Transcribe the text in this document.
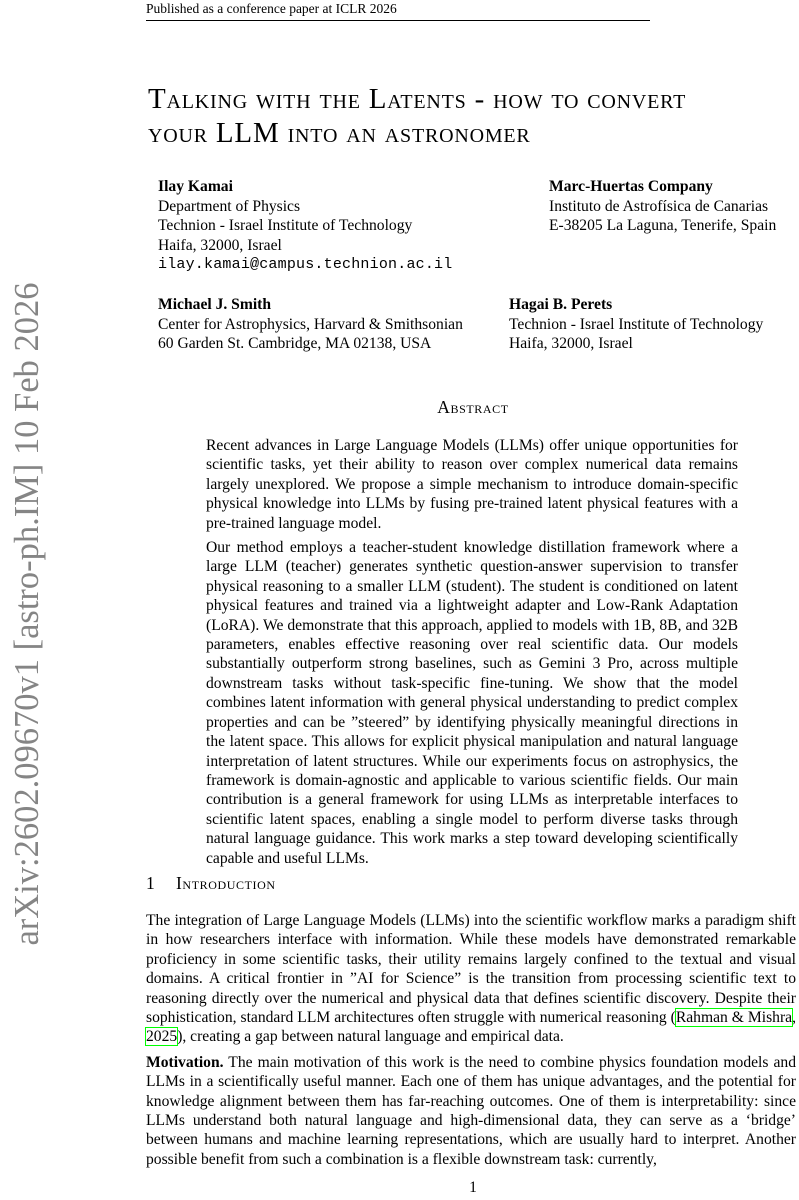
Published as a conference paper at ICLR 2026
arXiv:2602.09670v1 [astro-ph.IM] 10 Feb 2026
Talking with the Latents - how to convert
your LLM into an astronomer
Ilay Kamai
Department of Physics
Technion - Israel Institute of Technology
Haifa, 32000, Israel
ilay.kamai@campus.technion.ac.il
Marc-Huertas Company
Instituto de Astrofísica de Canarias
E-38205 La Laguna, Tenerife, Spain
Michael J. Smith
Center for Astrophysics, Harvard & Smithsonian
60 Garden St. Cambridge, MA 02138, USA
Hagai B. Perets
Technion - Israel Institute of Technology
Haifa, 32000, Israel
Abstract

Recent advances in Large Language Models (LLMs) offer unique opportunities for scientific tasks, yet their ability to reason over complex numerical data remains largely unexplored. We propose a simple mechanism to introduce domain-specific physical knowledge into LLMs by fusing pre-trained latent physical features with a pre-trained language model.

Our method employs a teacher-student knowledge distillation framework where a large LLM (teacher) generates synthetic question-answer supervision to transfer physical reasoning to a smaller LLM (student). The student is conditioned on latent physical features and trained via a lightweight adapter and Low-Rank Adaptation (LoRA). We demonstrate that this approach, applied to models with 1B, 8B, and 32B parameters, enables effective reasoning over real scientific data. Our models substantially outperform strong baselines, such as Gemini 3 Pro, across multiple downstream tasks without task-specific fine-tuning. We show that the model combines latent information with general physical understanding to predict complex properties and can be ”steered” by identifying physically meaningful directions in the latent space. This allows for explicit physical manipulation and natural language interpretation of latent structures. While our experiments focus on astrophysics, the framework is domain-agnostic and applicable to various scientific fields. Our main contribution is a general framework for using LLMs as interpretable interfaces to scientific latent spaces, enabling a single model to perform diverse tasks through natural language guidance. This work marks a step toward developing scientifically capable and useful LLMs.

1 Introduction

The integration of Large Language Models (LLMs) into the scientific workflow marks a paradigm shift in how researchers interface with information. While these models have demonstrated remarkable proficiency in some scientific tasks, their utility remains largely confined to the textual and visual domains. A critical frontier in ”AI for Science” is the transition from processing scientific text to reasoning directly over the numerical and physical data that defines scientific discovery. Despite their sophistication, standard LLM architectures often struggle with numerical reasoning (Rahman & Mishra, 2025), creating a gap between natural language and empirical data.

Motivation. The main motivation of this work is the need to combine physics foundation models and LLMs in a scientifically useful manner. Each one of them has unique advantages, and the potential for knowledge alignment between them has far-reaching outcomes. One of them is interpretability: since LLMs understand both natural language and high-dimensional data, they can serve as a ‘bridge’ between humans and machine learning representations, which are usually hard to interpret. Another possible benefit from such a combination is a flexible downstream task: currently,

1
